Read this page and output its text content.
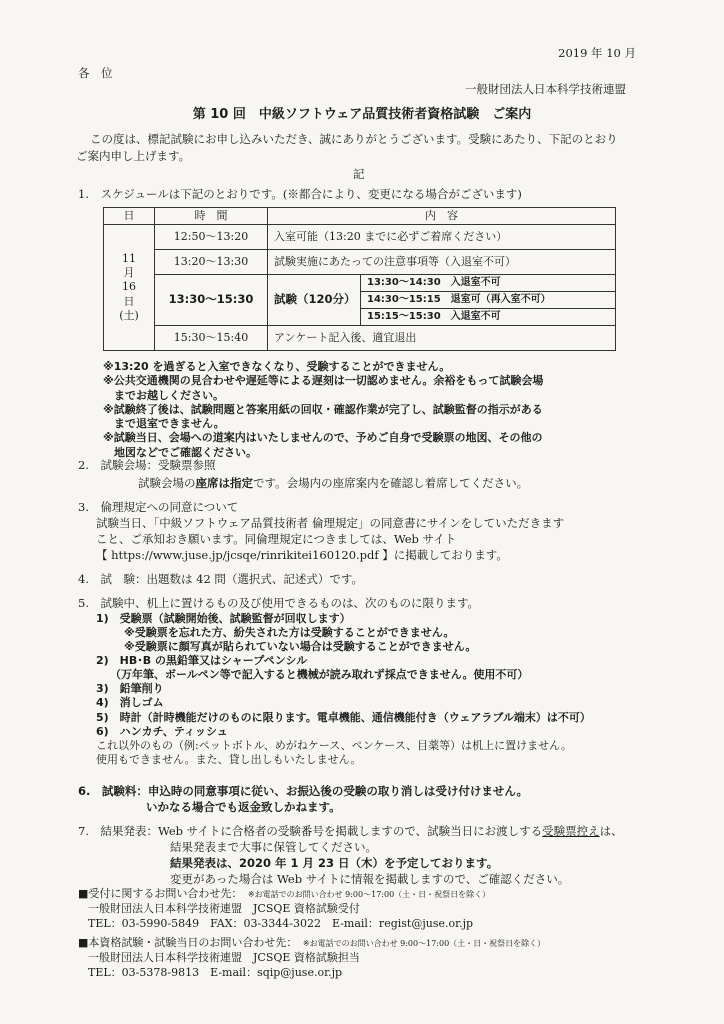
2019 年 10 月
各　位
一般財団法人日本科学技術連盟
第 10 回　中級ソフトウェア品質技術者資格試験　ご案内
この度は、標記試験にお申し込みいただき、誠にありがとうございます。受験にあたり、下記のとおり
ご案内申し上げます。
記
1.　スケジュールは下記のとおりです。(※都合により、変更になる場合がございます)
日	時　間	内　容	

11
月
16
日
(土)	12:50〜13:20	入室可能（13:20 までに必ずご着席ください）	
	13:20〜13:30	試験実施にあたっての注意事項等（入退室不可）	
	13:30〜15:30	試験（120分）	13:30〜14:30　 入退室不可
			14:30〜15:15　 退室可（再入室不可）
			15:15〜15:30　 入退室不可
	15:30〜15:40	アンケート記入後、適宜退出	
※13:20 を過ぎると入室できなくなり、受験することができません。
※公共交通機関の見合わせや遅延等による遅刻は一切認めません。余裕をもって試験会場
　までお越しください。
※試験終了後は、試験問題と答案用紙の回収・確認作業が完了し、試験監督の指示がある
　まで退室できません。
※試験当日、会場への道案内はいたしませんので、予めご自身で受験票の地図、その他の
　地図などでご確認ください。
2.　試験会場：受験票参照
試験会場の座席は指定です。会場内の座席案内を確認し着席してください。
3.　倫理規定への同意について
試験当日、「中級ソフトウェア品質技術者 倫理規定」の同意書にサインをしていただきます
こと、ご承知おき願います。同倫理規定につきましては、Web サイト
【 https://www.juse.jp/jcsqe/rinrikitei160120.pdf 】に掲載しております。
4.　試　験：出題数は 42 問（選択式、記述式）です。
5.　試験中、机上に置けるもの及び使用できるものは、次のものに限ります。
1)　受験票（試験開始後、試験監督が回収します）
※受験票を忘れた方、紛失された方は受験することができません。
※受験票に顔写真が貼られていない場合は受験することができません。
2)　HB･B の黒鉛筆又はシャープペンシル
（万年筆、ボールペン等で記入すると機械が読み取れず採点できません。使用不可）
3)　鉛筆削り
4)　消しゴム
5)　時計（計時機能だけのものに限ります。電卓機能、通信機能付き（ウェアラブル端末）は不可）
6)　ハンカチ、ティッシュ
これ以外のもの（例:ペットボトル、めがねケース、ペンケース、目薬等）は机上に置けません。
使用もできません。また、貸し出しもいたしません。
6.　試験料：申込時の同意事項に従い、お振込後の受験の取り消しは受け付けません。
いかなる場合でも返金致しかねます。
7.　結果発表：Web サイトに合格者の受験番号を掲載しますので、試験当日にお渡しする受験票控えは、
結果発表まで大事に保管してください。
結果発表は、2020 年 1 月 23 日（木）を予定しております。
変更があった場合は Web サイトに情報を掲載しますので、ご確認ください。
■受付に関するお問い合わせ先：　 ※お電話でのお問い合わせ 9:00〜17:00（土・日・祝祭日を除く）
一般財団法人日本科学技術連盟　JCSQE 資格試験受付
TEL：03-5990-5849　FAX：03-3344-3022　E-mail：regist@juse.or.jp
■本資格試験・試験当日のお問い合わせ先：　 ※お電話でのお問い合わせ 9:00〜17:00（土・日・祝祭日を除く）
一般財団法人日本科学技術連盟　JCSQE 資格試験担当
TEL：03-5378-9813　E-mail：sqip@juse.or.jp
